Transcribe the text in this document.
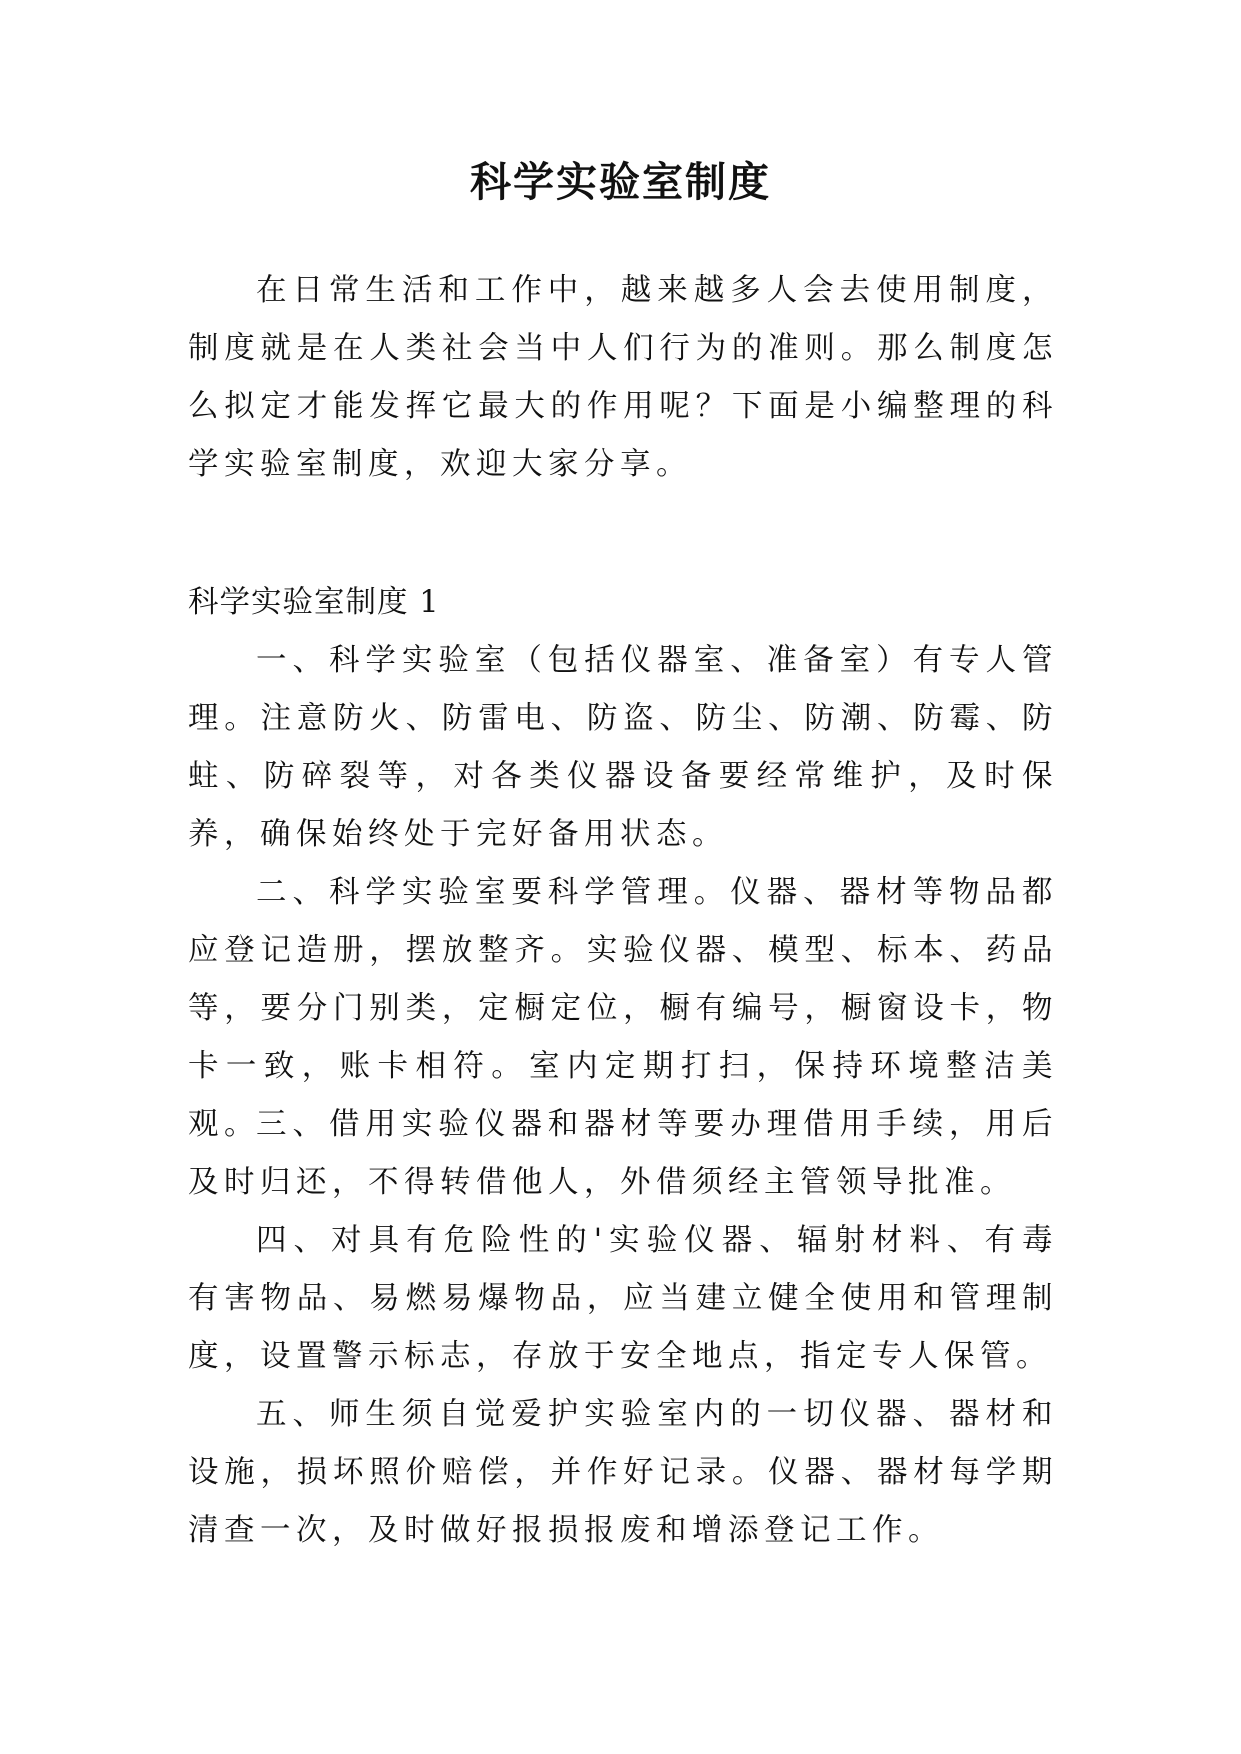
科学实验室制度

在日常生活和工作中，越来越多人会去使用制度，制度就是在人类社会当中人们行为的准则。那么制度怎么拟定才能发挥它最大的作用呢？下面是小编整理的科学实验室制度，欢迎大家分享。

科学实验室制度 1

一、科学实验室（包括仪器室、准备室）有专人管理。注意防火、防雷电、防盗、防尘、防潮、防霉、防蛀、防碎裂等，对各类仪器设备要经常维护，及时保养，确保始终处于完好备用状态。

二、科学实验室要科学管理。仪器、器材等物品都应登记造册，摆放整齐。实验仪器、模型、标本、药品等，要分门别类，定橱定位，橱有编号，橱窗设卡，物卡一致，账卡相符。室内定期打扫，保持环境整洁美观。

三、借用实验仪器和器材等要办理借用手续，用后及时归还，不得转借他人，外借须经主管领导批准。

四、对具有危险性的'实验仪器、辐射材料、有毒有害物品、易燃易爆物品，应当建立健全使用和管理制度，设置警示标志，存放于安全地点，指定专人保管。

五、师生须自觉爱护实验室内的一切仪器、器材和设施，损坏照价赔偿，并作好记录。仪器、器材每学期清查一次，及时做好报损报废和增添登记工作。
